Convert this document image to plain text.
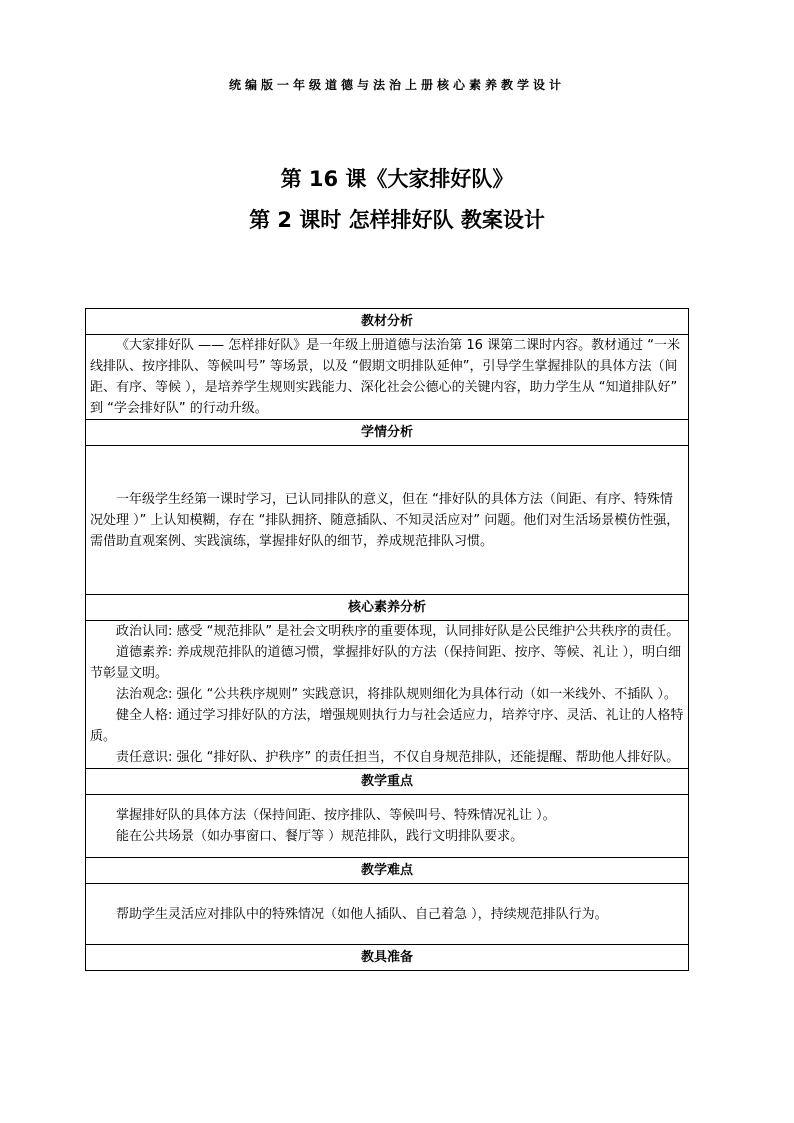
统编版一年级道德与法治上册核心素养教学设计
第 16 课《大家排好队》
第 2 课时 怎样排好队 教案设计
教材分析

《大家排好队 —— 怎样排好队》是一年级上册道德与法治第 16 课第二课时内容。教材通过 “一米线排队、按序排队、等候叫号” 等场景，以及 “假期文明排队延伸”，引导学生掌握排队的具体方法（间距、有序、等候 ），是培养学生规则实践能力、深化社会公德心的关键内容，助力学生从 “知道排队好” 到 “学会排好队” 的行动升级。

学情分析

一年级学生经第一课时学习，已认同排队的意义，但在 “排好队的具体方法（间距、有序、特殊情况处理 ）” 上认知模糊，存在 “排队拥挤、随意插队、不知灵活应对” 问题。他们对生活场景模仿性强，需借助直观案例、实践演练，掌握排好队的细节，养成规范排队习惯。

核心素养分析

政治认同: 感受 “规范排队” 是社会文明秩序的重要体现，认同排好队是公民维护公共秩序的责任。

道德素养: 养成规范排队的道德习惯，掌握排好队的方法（保持间距、按序、等候、礼让 ），明白细节彰显文明。

法治观念: 强化 “公共秩序规则” 实践意识，将排队规则细化为具体行动（如一米线外、不插队 ）。

健全人格: 通过学习排好队的方法，增强规则执行力与社会适应力，培养守序、灵活、礼让的人格特质。

责任意识: 强化 “排好队、护秩序” 的责任担当，不仅自身规范排队，还能提醒、帮助他人排好队。

教学重点

掌握排好队的具体方法（保持间距、按序排队、等候叫号、特殊情况礼让 ）。

能在公共场景（如办事窗口、餐厅等 ）规范排队，践行文明排队要求。

教学难点

帮助学生灵活应对排队中的特殊情况（如他人插队、自己着急 ），持续规范排队行为。

教具准备
